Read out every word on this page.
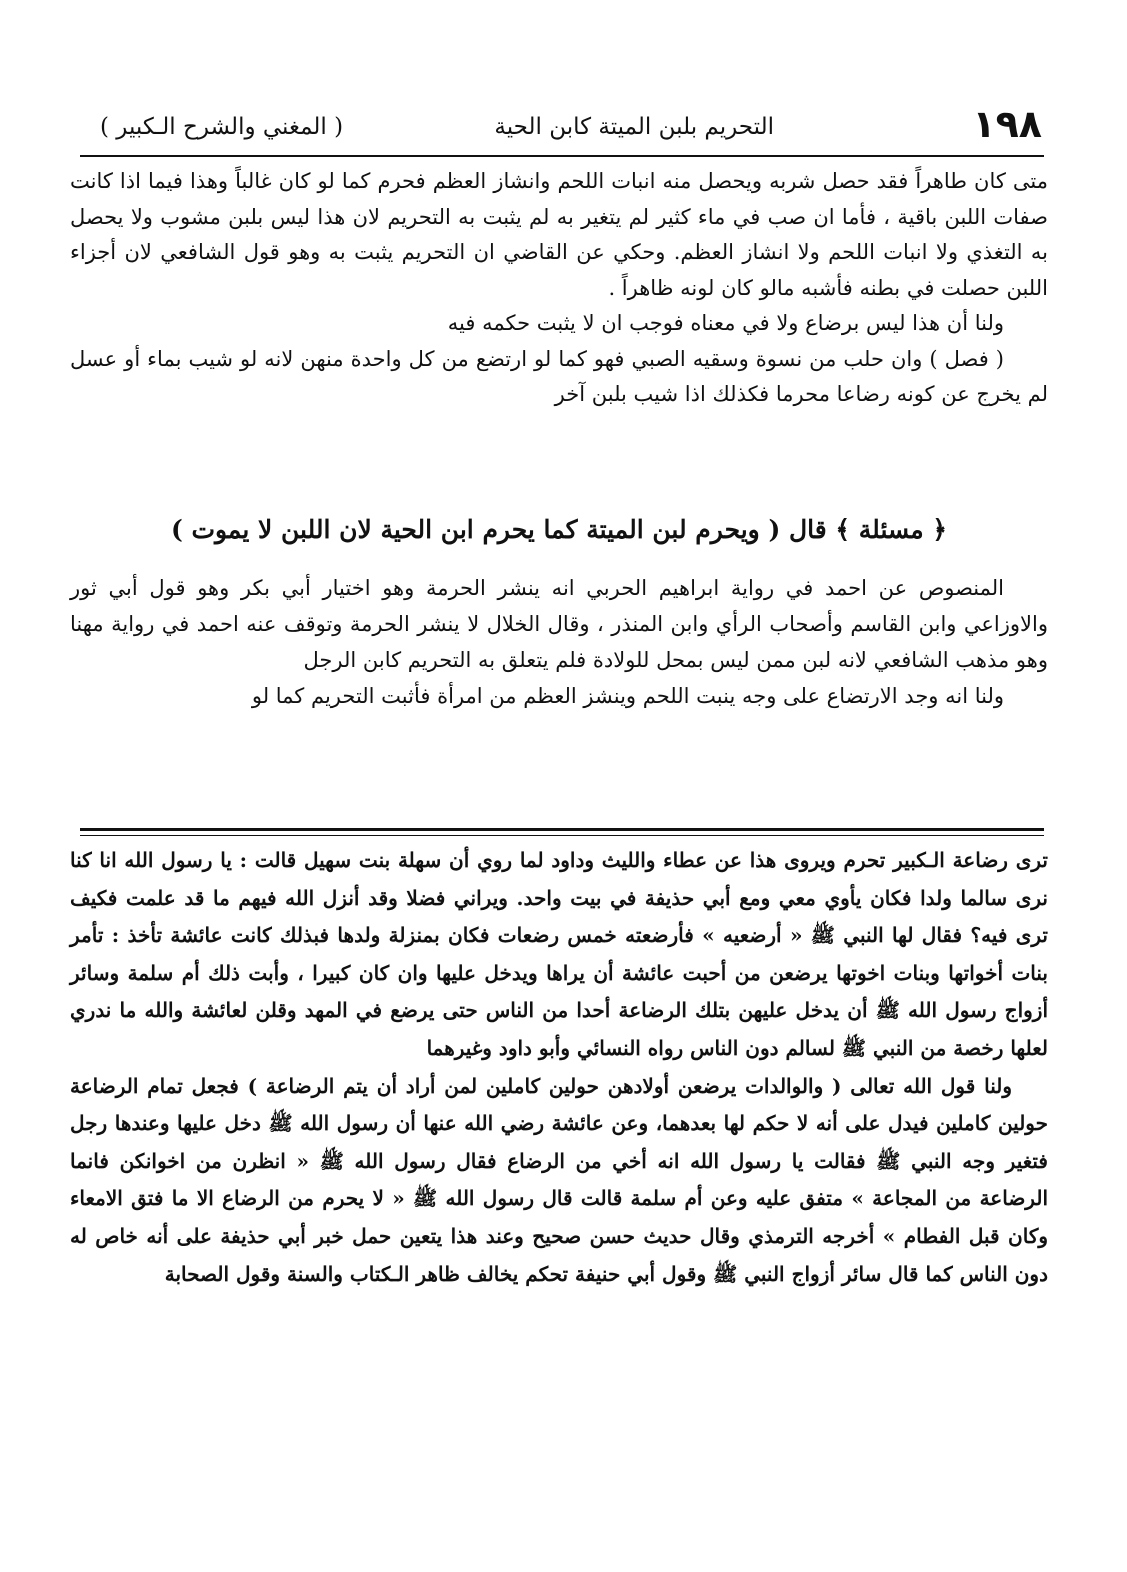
١٩٨
التحريم بلبن الميتة كابن الحية
( المغني والشرح الـكبير )

متى كان طاهراً فقد حصل شربه ويحصل منه انبات اللحم وانشاز العظم فحرم كما لو كان غالباً وهذا فيما اذا كانت صفات اللبن باقية ، فأما ان صب في ماء كثير لم يتغير به لم يثبت به التحريم لان هذا ليس بلبن مشوب ولا يحصل به التغذي ولا انبات اللحم ولا انشاز العظم. وحكي عن القاضي ان التحريم يثبت به وهو قول الشافعي لان أجزاء اللبن حصلت في بطنه فأشبه مالو كان لونه ظاهراً .

ولنا أن هذا ليس برضاع ولا في معناه فوجب ان لا يثبت حكمه فيه

( فصل ) وان حلب من نسوة وسقيه الصبي فهو كما لو ارتضع من كل واحدة منهن لانه لو شيب بماء أو عسل لم يخرج عن كونه رضاعا محرما فكذلك اذا شيب بلبن آخر

﴿ مسئلة ﴾ قال ( ويحرم لبن الميتة كما يحرم ابن الحية لان اللبن لا يموت )

المنصوص عن احمد في رواية ابراهيم الحربي انه ينشر الحرمة وهو اختيار أبي بكر وهو قول أبي ثور والاوزاعي وابن القاسم وأصحاب الرأي وابن المنذر ، وقال الخلال لا ينشر الحرمة وتوقف عنه احمد في رواية مهنا وهو مذهب الشافعي لانه لبن ممن ليس بمحل للولادة فلم يتعلق به التحريم كابن الرجل

ولنا انه وجد الارتضاع على وجه ينبت اللحم وينشز العظم من امرأة فأثبت التحريم كما لو

ترى رضاعة الـكبير تحرم ويروى هذا عن عطاء والليث وداود لما روي أن سهلة بنت سهيل قالت : يا رسول الله انا كنا نرى سالما ولدا فكان يأوي معي ومع أبي حذيفة في بيت واحد. ويراني فضلا وقد أنزل الله فيهم ما قد علمت فكيف ترى فيه؟ فقال لها النبي ﷺ « أرضعيه » فأرضعته خمس رضعات فكان بمنزلة ولدها فبذلك كانت عائشة تأخذ : تأمر بنات أخواتها وبنات اخوتها يرضعن من أحبت عائشة أن يراها ويدخل عليها وان كان كبيرا ، وأبت ذلك أم سلمة وسائر أزواج رسول الله ﷺ أن يدخل عليهن بتلك الرضاعة أحدا من الناس حتى يرضع في المهد وقلن لعائشة والله ما ندري لعلها رخصة من النبي ﷺ لسالم دون الناس رواه النسائي وأبو داود وغيرهما

ولنا قول الله تعالى ( والوالدات يرضعن أولادهن حولين كاملين لمن أراد أن يتم الرضاعة ) فجعل تمام الرضاعة حولين كاملين فيدل على أنه لا حكم لها بعدهما، وعن عائشة رضي الله عنها أن رسول الله ﷺ دخل عليها وعندها رجل فتغير وجه النبي ﷺ فقالت يا رسول الله انه أخي من الرضاع فقال رسول الله ﷺ « انظرن من اخوانكن فانما الرضاعة من المجاعة » متفق عليه وعن أم سلمة قالت قال رسول الله ﷺ « لا يحرم من الرضاع الا ما فتق الامعاء وكان قبل الفطام » أخرجه الترمذي وقال حديث حسن صحيح وعند هذا يتعين حمل خبر أبي حذيفة على أنه خاص له دون الناس كما قال سائر أزواج النبي ﷺ وقول أبي حنيفة تحكم يخالف ظاهر الـكتاب والسنة وقول الصحابة
